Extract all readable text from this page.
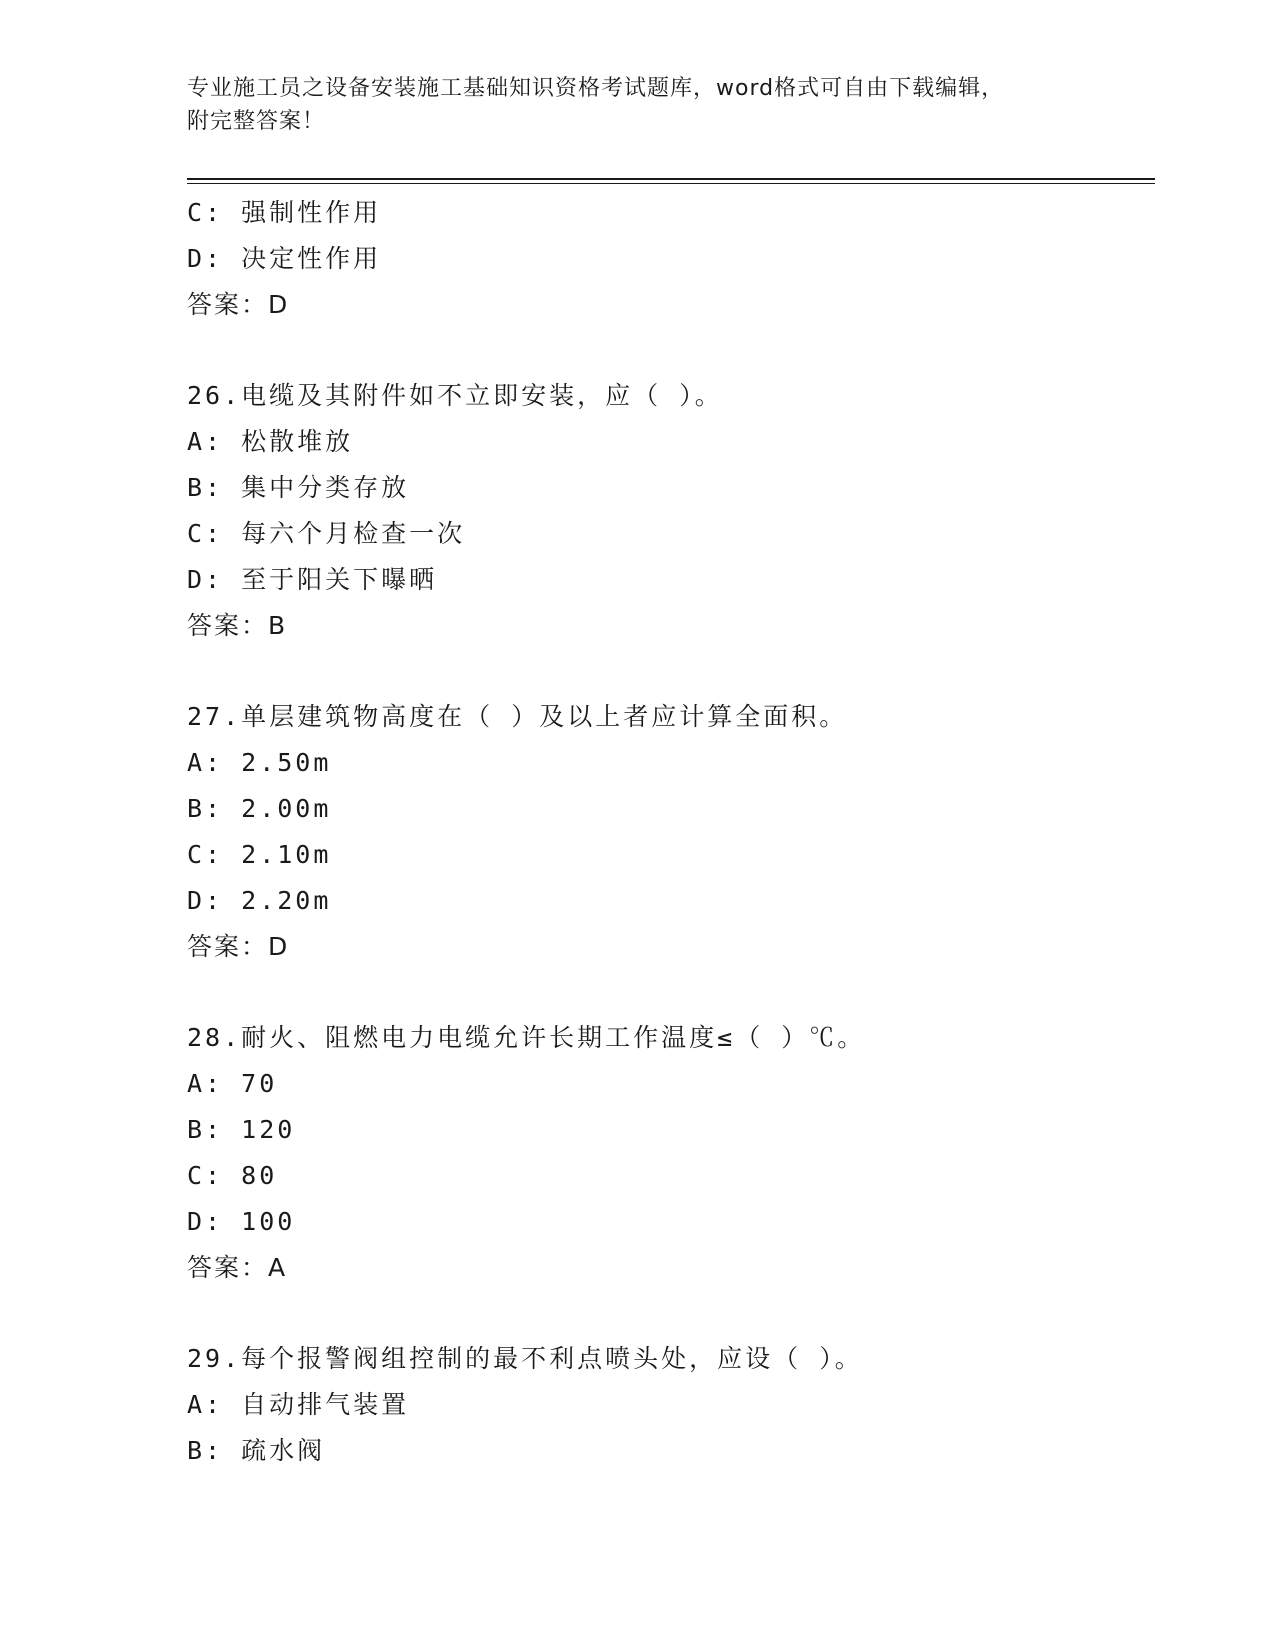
专业施工员之设备安装施工基础知识资格考试题库，word格式可自由下载编辑，
附完整答案！
C: 强制性作用
D: 决定性作用
答案：D
26.电缆及其附件如不立即安装，应（ ）。
A: 松散堆放
B: 集中分类存放
C: 每六个月检查一次
D: 至于阳关下曝晒
答案：B
27.单层建筑物高度在（ ）及以上者应计算全面积。
A: 2.50m
B: 2.00m
C: 2.10m
D: 2.20m
答案：D
28.耐火、阻燃电力电缆允许长期工作温度≤（ ）℃。
A: 70
B: 120
C: 80
D: 100
答案：A
29.每个报警阀组控制的最不利点喷头处，应设（ ）。
A: 自动排气装置
B: 疏水阀
